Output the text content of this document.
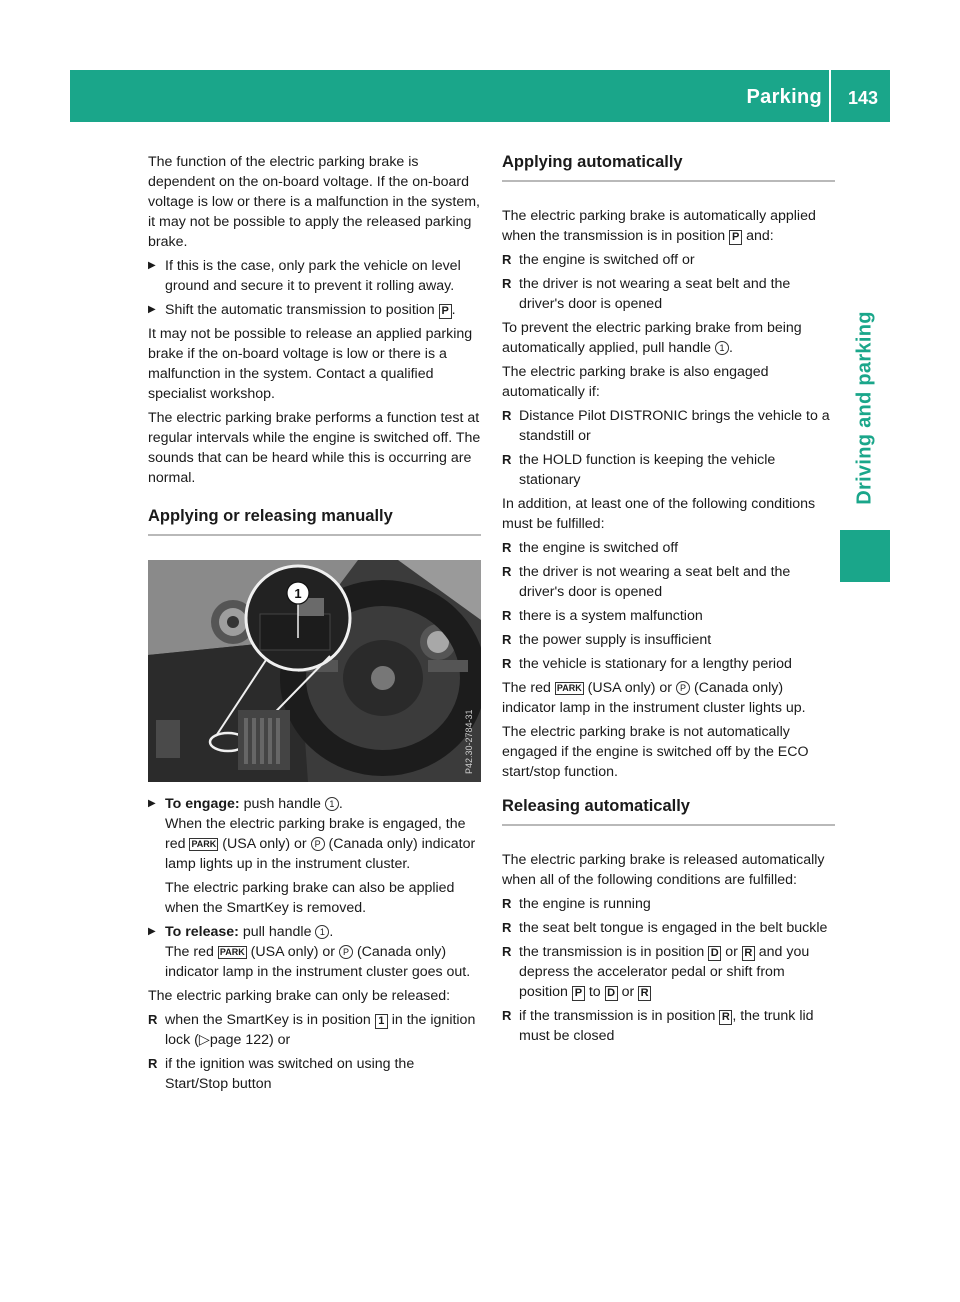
Parking	143
Driving and parking

The function of the electric parking brake is dependent on the on-board voltage. If the on-board voltage is low or there is a malfunction in the system, it may not be possible to apply the released parking brake.

▶ If this is the case, only park the vehicle on level ground and secure it to prevent it rolling away.
▶ Shift the automatic transmission to position P .

It may not be possible to release an applied parking brake if the on-board voltage is low or there is a malfunction in the system. Contact a qualified specialist workshop.

The electric parking brake performs a function test at regular intervals while the engine is switched off. The sounds that can be heard while this is occurring are normal.

Applying or releasing manually
1
P42.30-2784-31
▶ To engage: push handle 1 .
When the electric parking brake is engaged, the red PARK (USA only) or P (Canada only) indicator lamp lights up in the instrument cluster.

The electric parking brake can also be applied when the SmartKey is removed.

▶ To release: pull handle 1 .
The red PARK (USA only) or P (Canada only) indicator lamp in the instrument cluster goes out.

The electric parking brake can only be released:

R when the SmartKey is in position 1 in the ignition lock (▷page 122) or
R if the ignition was switched on using the Start/Stop button
Applying automatically

The electric parking brake is automatically applied when the transmission is in position P and:

R the engine is switched off or
R the driver is not wearing a seat belt and the driver's door is opened

To prevent the electric parking brake from being automatically applied, pull handle 1 .

The electric parking brake is also engaged automatically if:

R Distance Pilot DISTRONIC brings the vehicle to a standstill or
R the HOLD function is keeping the vehicle stationary

In addition, at least one of the following conditions must be fulfilled:

R the engine is switched off
R the driver is not wearing a seat belt and the driver's door is opened
R there is a system malfunction
R the power supply is insufficient
R the vehicle is stationary for a lengthy period

The red PARK (USA only) or P (Canada only) indicator lamp in the instrument cluster lights up.

The electric parking brake is not automatically engaged if the engine is switched off by the ECO start/stop function.

Releasing automatically

The electric parking brake is released automatically when all of the following conditions are fulfilled:

R the engine is running
R the seat belt tongue is engaged in the belt buckle
R the transmission is in position D or R and you depress the accelerator pedal or shift from position P to D or R
R if the transmission is in position R , the trunk lid must be closed
